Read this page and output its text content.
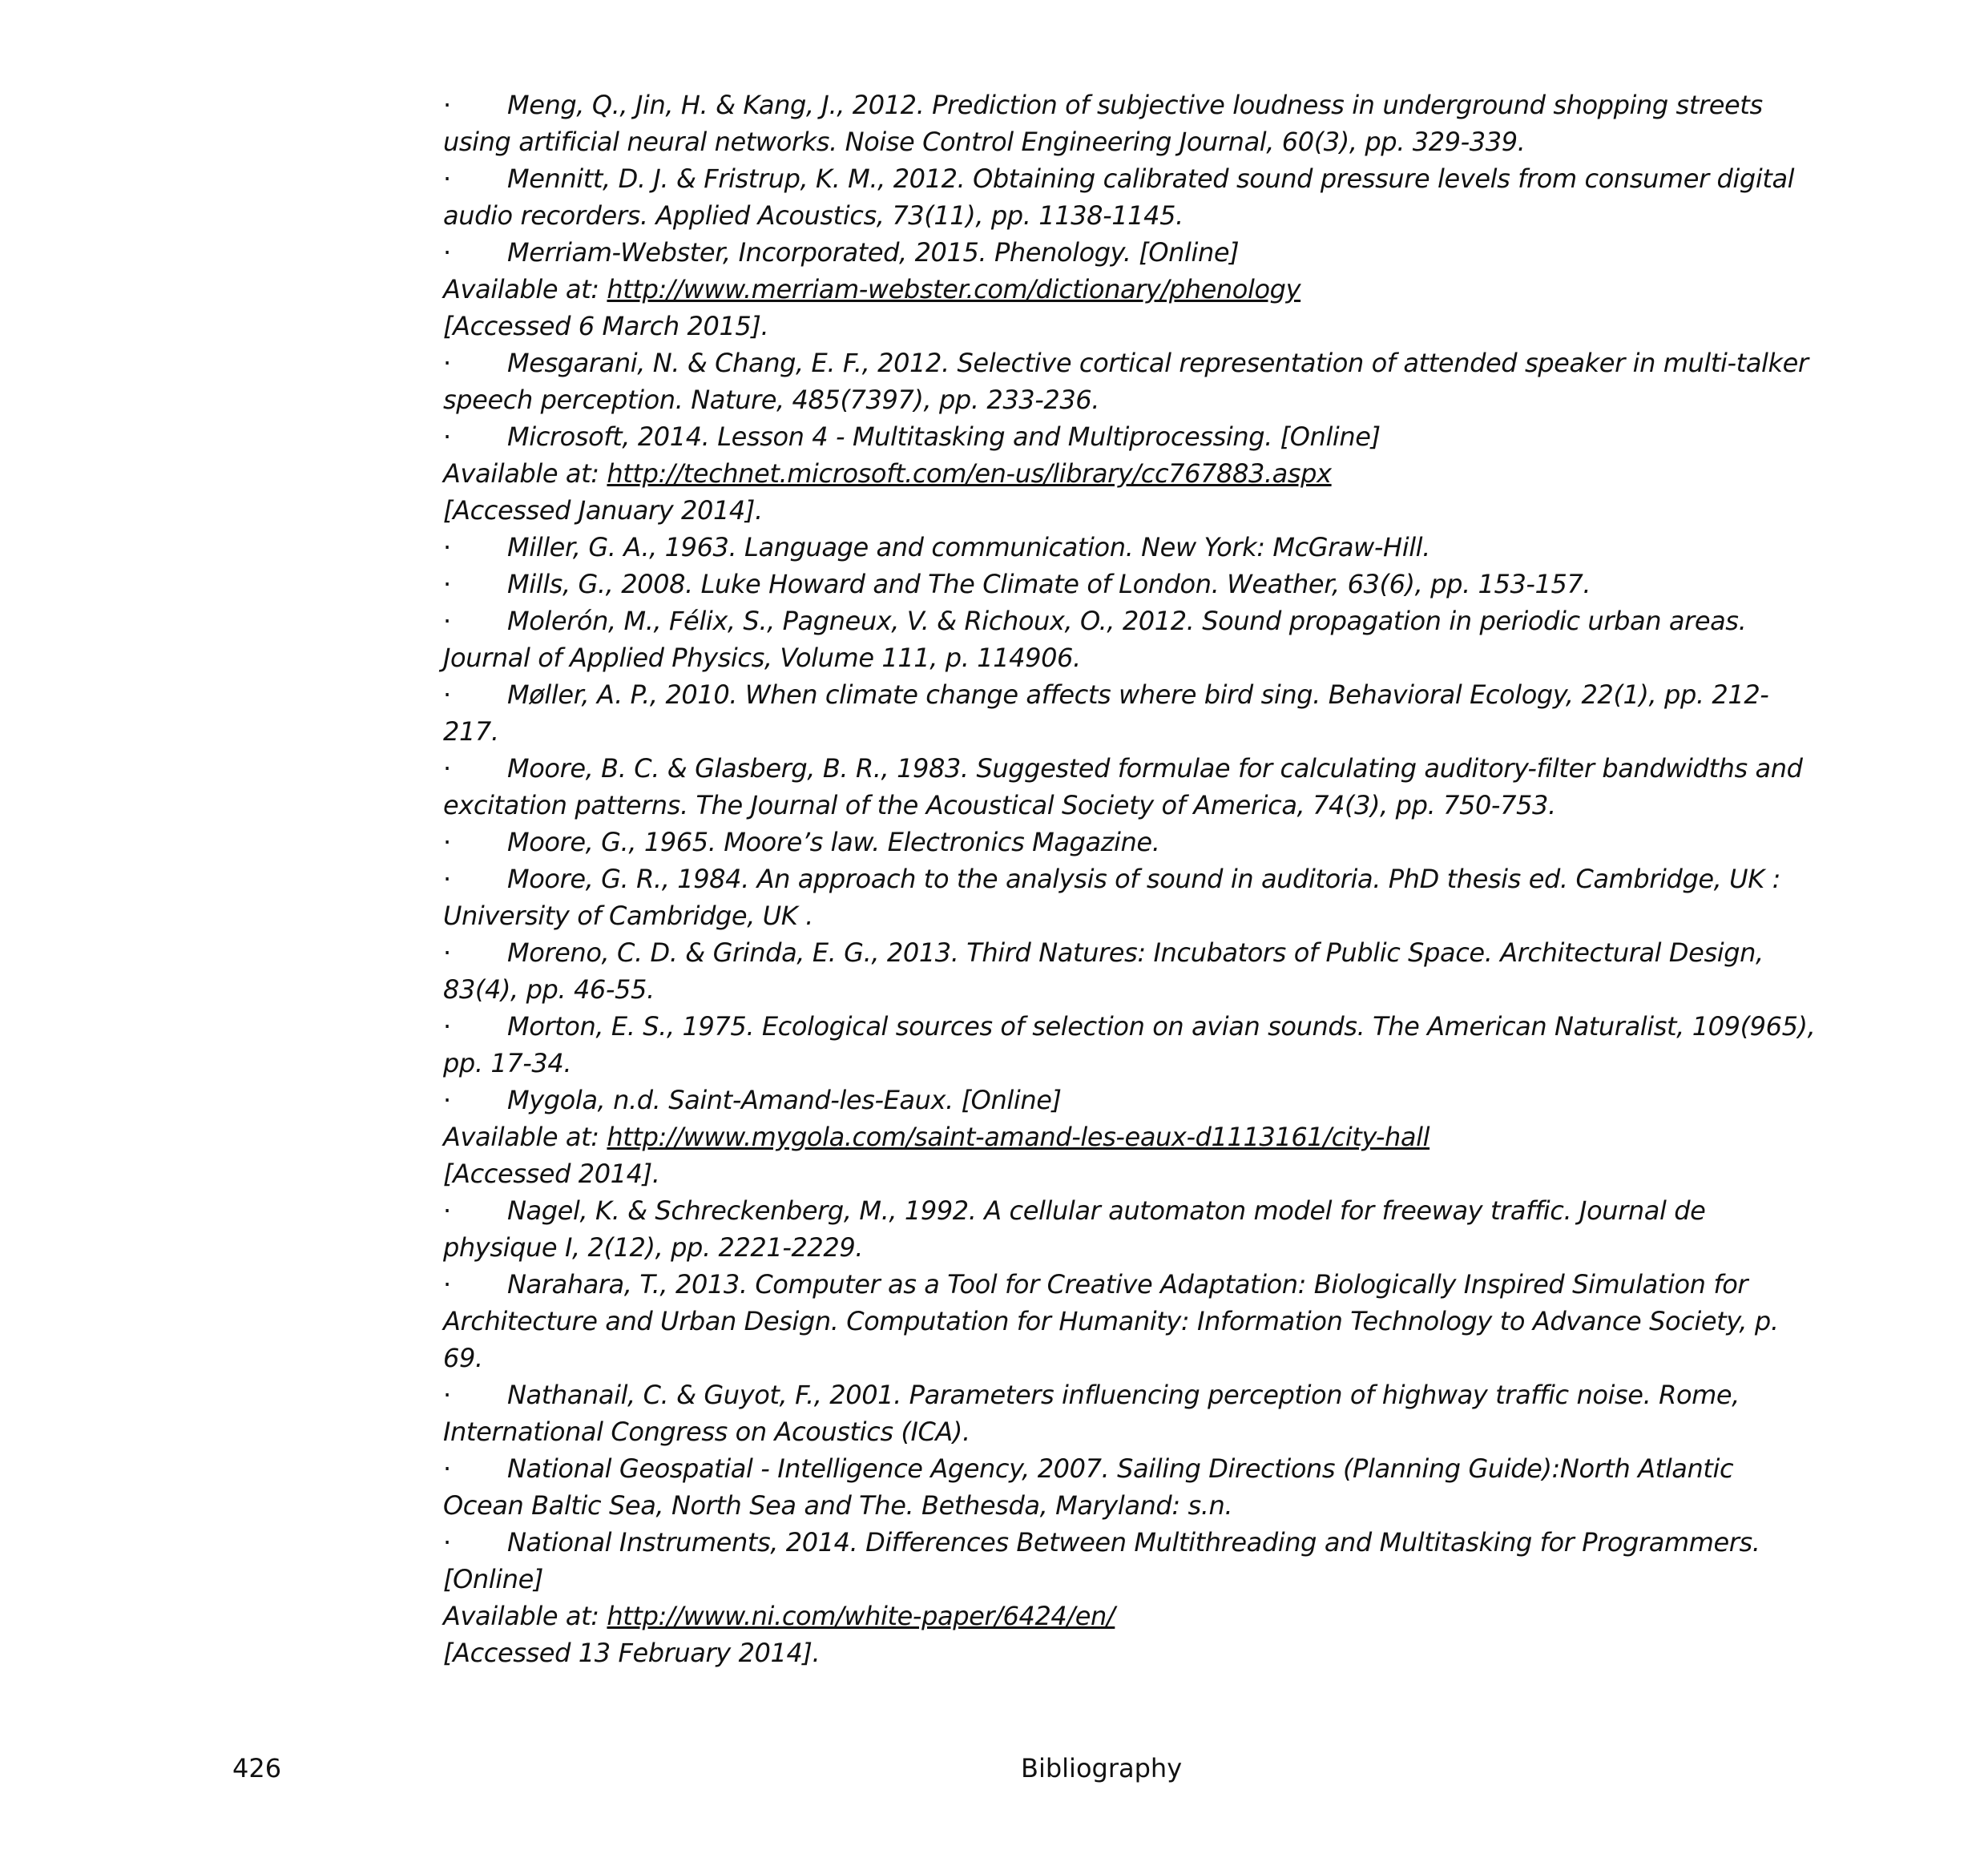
· Meng, Q., Jin, H. & Kang, J., 2012. Prediction of subjective loudness in underground shopping streets
using artificial neural networks. Noise Control Engineering Journal, 60(3), pp. 329-339.
· Mennitt, D. J. & Fristrup, K. M., 2012. Obtaining calibrated sound pressure levels from consumer digital
audio recorders. Applied Acoustics, 73(11), pp. 1138-1145.
· Merriam-Webster, Incorporated, 2015. Phenology. [Online]
Available at: http://www.merriam-webster.com/dictionary/phenology
[Accessed 6 March 2015].
· Mesgarani, N. & Chang, E. F., 2012. Selective cortical representation of attended speaker in multi-talker
speech perception. Nature, 485(7397), pp. 233-236.
· Microsoft, 2014. Lesson 4 - Multitasking and Multiprocessing. [Online]
Available at: http://technet.microsoft.com/en-us/library/cc767883.aspx
[Accessed January 2014].
· Miller, G. A., 1963. Language and communication. New York: McGraw-Hill.
· Mills, G., 2008. Luke Howard and The Climate of London. Weather, 63(6), pp. 153-157.
· Molerón, M., Félix, S., Pagneux, V. & Richoux, O., 2012. Sound propagation in periodic urban areas.
Journal of Applied Physics, Volume 111, p. 114906.
· Møller, A. P., 2010. When climate change affects where bird sing. Behavioral Ecology, 22(1), pp. 212-
217.
· Moore, B. C. & Glasberg, B. R., 1983. Suggested formulae for calculating auditory-filter bandwidths and
excitation patterns. The Journal of the Acoustical Society of America, 74(3), pp. 750-753.
· Moore, G., 1965. Moore’s law. Electronics Magazine.
· Moore, G. R., 1984. An approach to the analysis of sound in auditoria. PhD thesis ed. Cambridge, UK :
University of Cambridge, UK .
· Moreno, C. D. & Grinda, E. G., 2013. Third Natures: Incubators of Public Space. Architectural Design,
83(4), pp. 46-55.
· Morton, E. S., 1975. Ecological sources of selection on avian sounds. The American Naturalist, 109(965),
pp. 17-34.
· Mygola, n.d. Saint-Amand-les-Eaux. [Online]
Available at: http://www.mygola.com/saint-amand-les-eaux-d1113161/city-hall
[Accessed 2014].
· Nagel, K. & Schreckenberg, M., 1992. A cellular automaton model for freeway traffic. Journal de
physique I, 2(12), pp. 2221-2229.
· Narahara, T., 2013. Computer as a Tool for Creative Adaptation: Biologically Inspired Simulation for
Architecture and Urban Design. Computation for Humanity: Information Technology to Advance Society, p.
69.
· Nathanail, C. & Guyot, F., 2001. Parameters influencing perception of highway traffic noise. Rome,
International Congress on Acoustics (ICA).
· National Geospatial - Intelligence Agency, 2007. Sailing Directions (Planning Guide):North Atlantic
Ocean Baltic Sea, North Sea and The. Bethesda, Maryland: s.n.
· National Instruments, 2014. Differences Between Multithreading and Multitasking for Programmers.
[Online]
Available at: http://www.ni.com/white-paper/6424/en/
[Accessed 13 February 2014].
426	Bibliography
